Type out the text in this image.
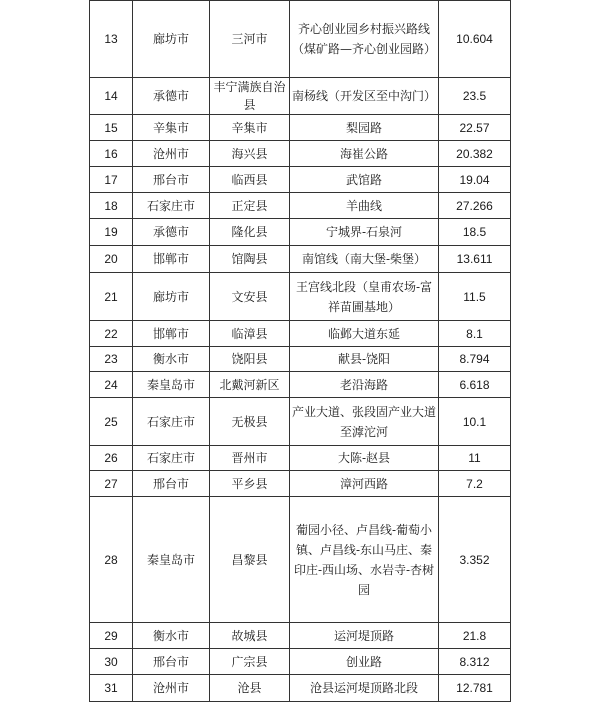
13	廊坊市	三河市	齐心创业园乡村振兴路线（煤矿路—齐心创业园路）	10.604
14	承德市	丰宁满族自治县	南杨线（开发区至中沟门）	23.5
15	辛集市	辛集市	梨园路	22.57
16	沧州市	海兴县	海崔公路	20.382
17	邢台市	临西县	武馆路	19.04
18	石家庄市	正定县	羊曲线	27.266
19	承德市	隆化县	宁城界-石泉河	18.5
20	邯郸市	馆陶县	南馆线（南大堡-柴堡）	13.611
21	廊坊市	文安县	王宫线北段（皇甫农场-富祥苗圃基地）	11.5
22	邯郸市	临漳县	临邺大道东延	8.1
23	衡水市	饶阳县	献县-饶阳	8.794
24	秦皇岛市	北戴河新区	老沿海路	6.618
25	石家庄市	无极县	产业大道、张段固产业大道至滹沱河	10.1
26	石家庄市	晋州市	大陈-赵县	11
27	邢台市	平乡县	漳河西路	7.2
28	秦皇岛市	昌黎县	葡园小径、卢昌线-葡萄小镇、卢昌线-东山马庄、秦印庄-西山场、水岩寺-杏树园	3.352
29	衡水市	故城县	运河堤顶路	21.8
30	邢台市	广宗县	创业路	8.312
31	沧州市	沧县	沧县运河堤顶路北段	12.781
